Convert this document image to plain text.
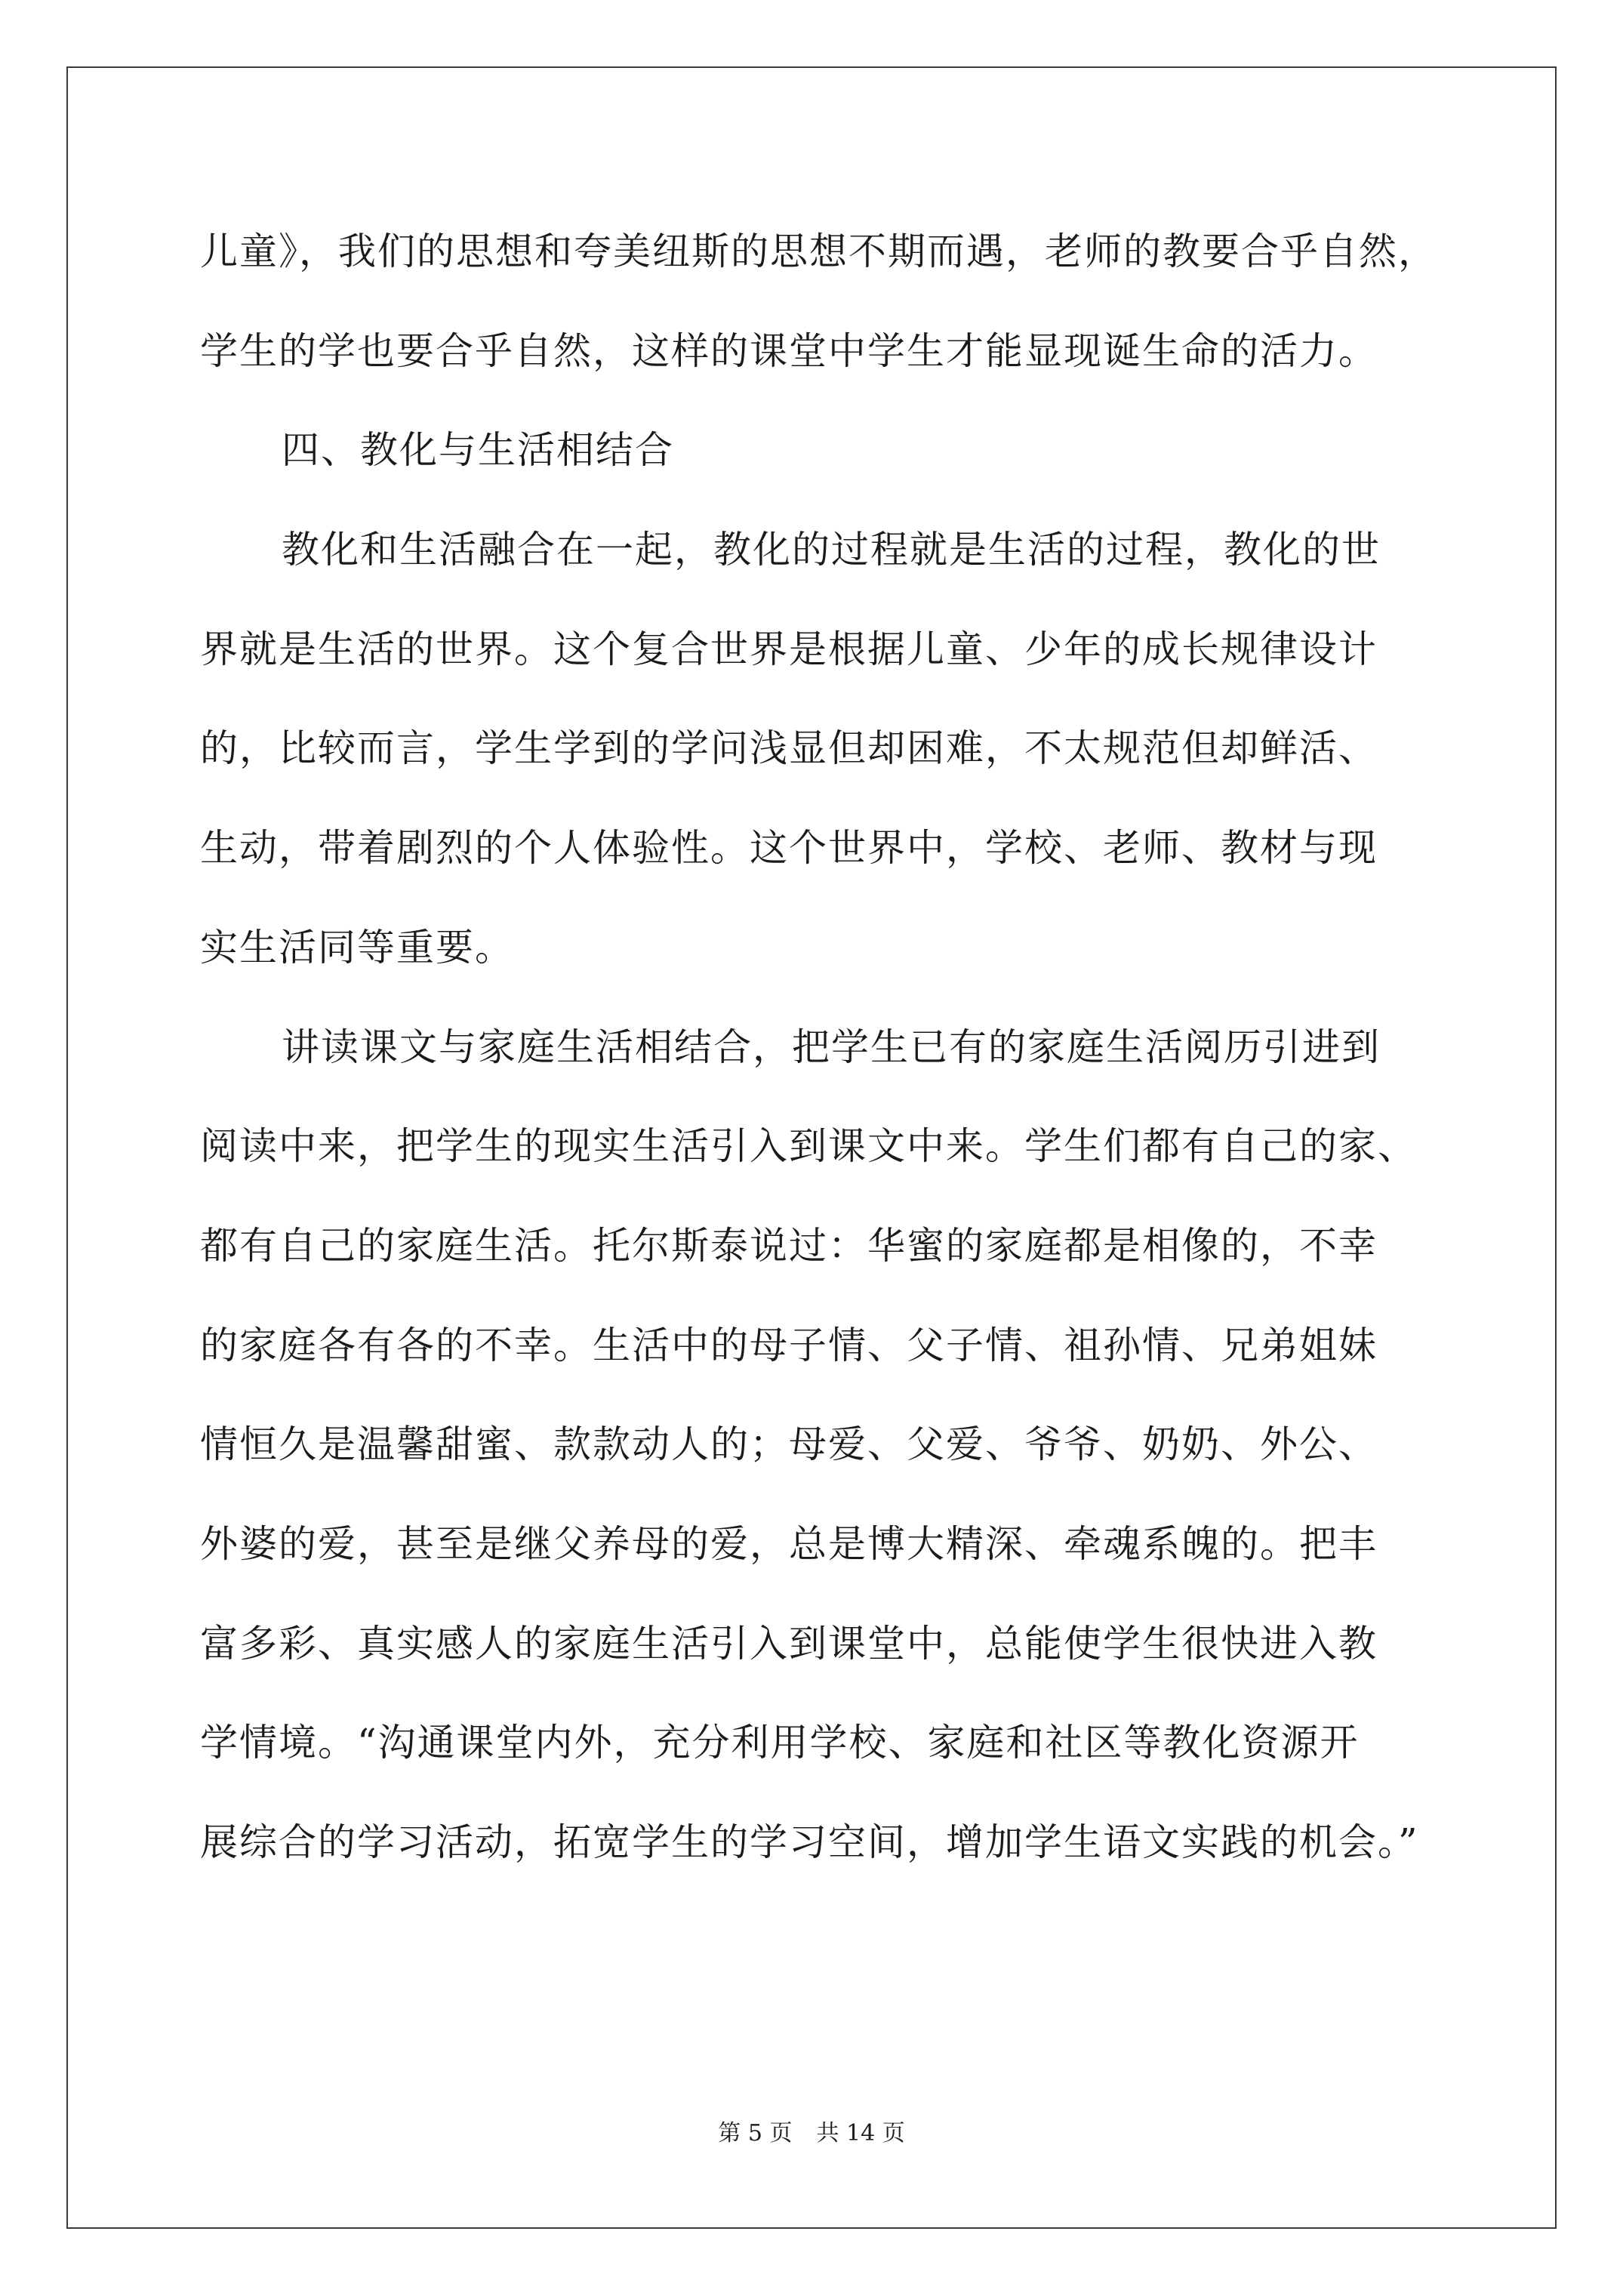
儿童》，我们的思想和夸美纽斯的思想不期而遇，老师的教要合乎自然，
学生的学也要合乎自然，这样的课堂中学生才能显现诞生命的活力。
四、教化与生活相结合
教化和生活融合在一起，教化的过程就是生活的过程，教化的世
界就是生活的世界。这个复合世界是根据儿童、少年的成长规律设计
的，比较而言，学生学到的学问浅显但却困难，不太规范但却鲜活、
生动，带着剧烈的个人体验性。这个世界中，学校、老师、教材与现
实生活同等重要。
讲读课文与家庭生活相结合，把学生已有的家庭生活阅历引进到
阅读中来，把学生的现实生活引入到课文中来。学生们都有自己的家、
都有自己的家庭生活。托尔斯泰说过：华蜜的家庭都是相像的，不幸
的家庭各有各的不幸。生活中的母子情、父子情、祖孙情、兄弟姐妹
情恒久是温馨甜蜜、款款动人的；母爱、父爱、爷爷、奶奶、外公、
外婆的爱，甚至是继父养母的爱，总是博大精深、牵魂系魄的。把丰
富多彩、真实感人的家庭生活引入到课堂中，总能使学生很快进入教
学情境。“沟通课堂内外，充分利用学校、家庭和社区等教化资源开
展综合的学习活动，拓宽学生的学习空间，增加学生语文实践的机会。”
第 5 页 共 14 页
